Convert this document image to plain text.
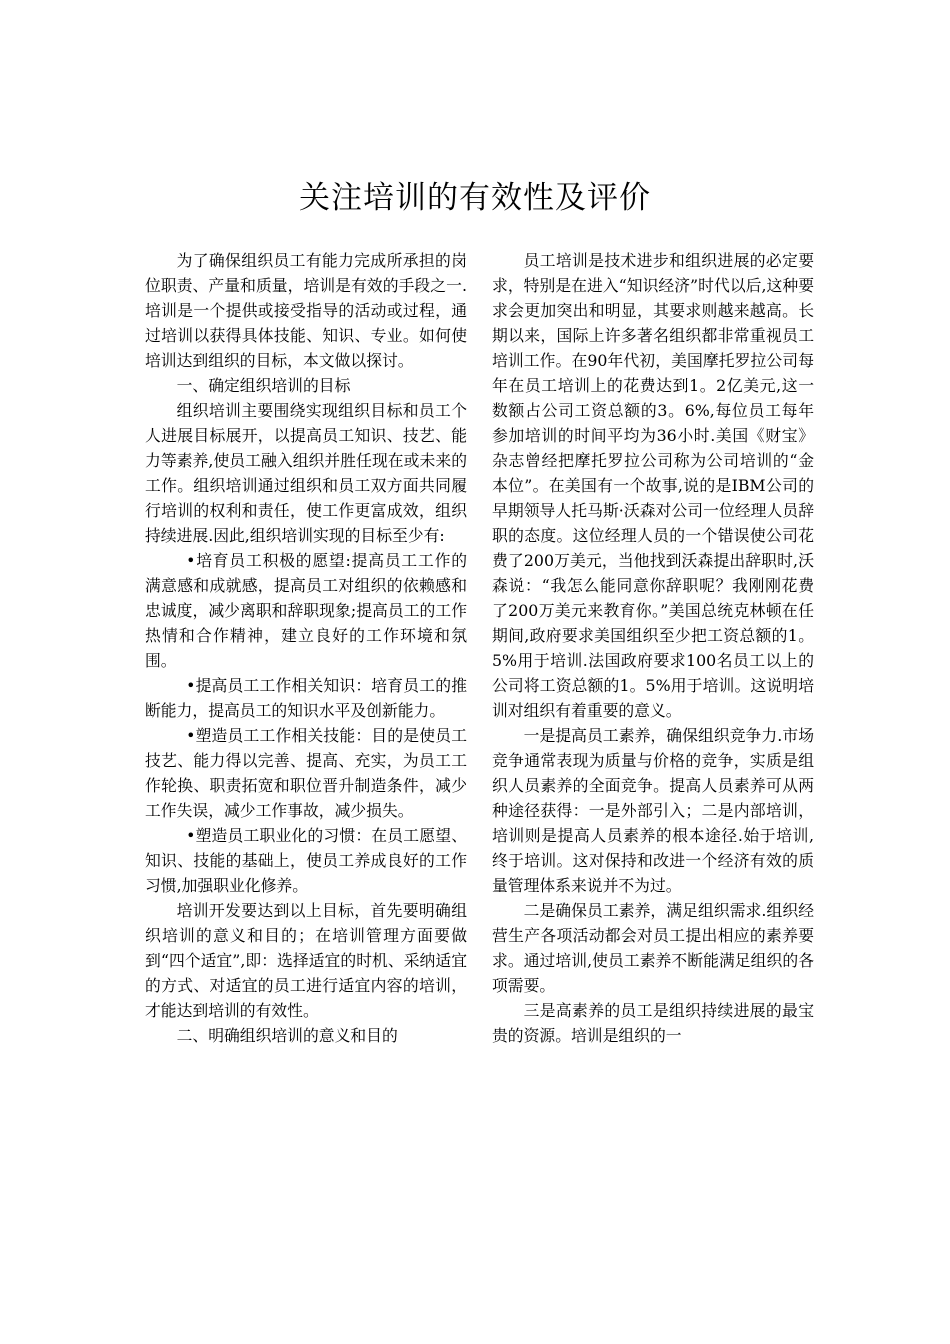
关注培训的有效性及评价

为了确保组织员工有能力完成所承担的岗位职责、产量和质量，培训是有效的手段之一.培训是一个提供或接受指导的活动或过程，通过培训以获得具体技能、知识、专业。如何使培训达到组织的目标，本文做以探讨。

一、确定组织培训的目标

组织培训主要围绕实现组织目标和员工个人进展目标展开，以提高员工知识、技艺、能力等素养,使员工融入组织并胜任现在或未来的工作。组织培训通过组织和员工双方面共同履行培训的权利和责任，使工作更富成效，组织持续进展.因此,组织培训实现的目标至少有:

•培育员工积极的愿望:提高员工工作的满意感和成就感，提高员工对组织的依赖感和忠诚度，减少离职和辞职现象;提高员工的工作热情和合作精神，建立良好的工作环境和氛围。

•提高员工工作相关知识：培育员工的推断能力，提高员工的知识水平及创新能力。

•塑造员工工作相关技能：目的是使员工技艺、能力得以完善、提高、充实，为员工工作轮换、职责拓宽和职位晋升制造条件，减少工作失误，减少工作事故，减少损失。

•塑造员工职业化的习惯：在员工愿望、知识、技能的基础上，使员工养成良好的工作习惯,加强职业化修养。

培训开发要达到以上目标，首先要明确组织培训的意义和目的；在培训管理方面要做到“四个适宜”,即：选择适宜的时机、采纳适宜的方式、对适宜的员工进行适宜内容的培训，才能达到培训的有效性。

二、明确组织培训的意义和目的

员工培训是技术进步和组织进展的必定要求，特别是在进入“知识经济”时代以后,这种要求会更加突出和明显，其要求则越来越高。长期以来，国际上许多著名组织都非常重视员工培训工作。在90年代初，美国摩托罗拉公司每年在员工培训上的花费达到1。2亿美元,这一数额占公司工资总额的3。6%,每位员工每年参加培训的时间平均为36小时.美国《财宝》杂志曾经把摩托罗拉公司称为公司培训的“金本位”。在美国有一个故事,说的是IBM公司的早期领导人托马斯·沃森对公司一位经理人员辞职的态度。这位经理人员的一个错误使公司花费了200万美元，当他找到沃森提出辞职时,沃森说：“我怎么能同意你辞职呢？我刚刚花费了200万美元来教育你。”美国总统克林顿在任期间,政府要求美国组织至少把工资总额的1。5%用于培训.法国政府要求100名员工以上的公司将工资总额的1。5%用于培训。这说明培训对组织有着重要的意义。

一是提高员工素养，确保组织竞争力.市场竞争通常表现为质量与价格的竞争，实质是组织人员素养的全面竞争。提高人员素养可从两种途径获得：一是外部引入；二是内部培训，培训则是提高人员素养的根本途径.始于培训,终于培训。这对保持和改进一个经济有效的质量管理体系来说并不为过。

二是确保员工素养，满足组织需求.组织经营生产各项活动都会对员工提出相应的素养要求。通过培训,使员工素养不断能满足组织的各项需要。

三是高素养的员工是组织持续进展的最宝贵的资源。培训是组织的一
